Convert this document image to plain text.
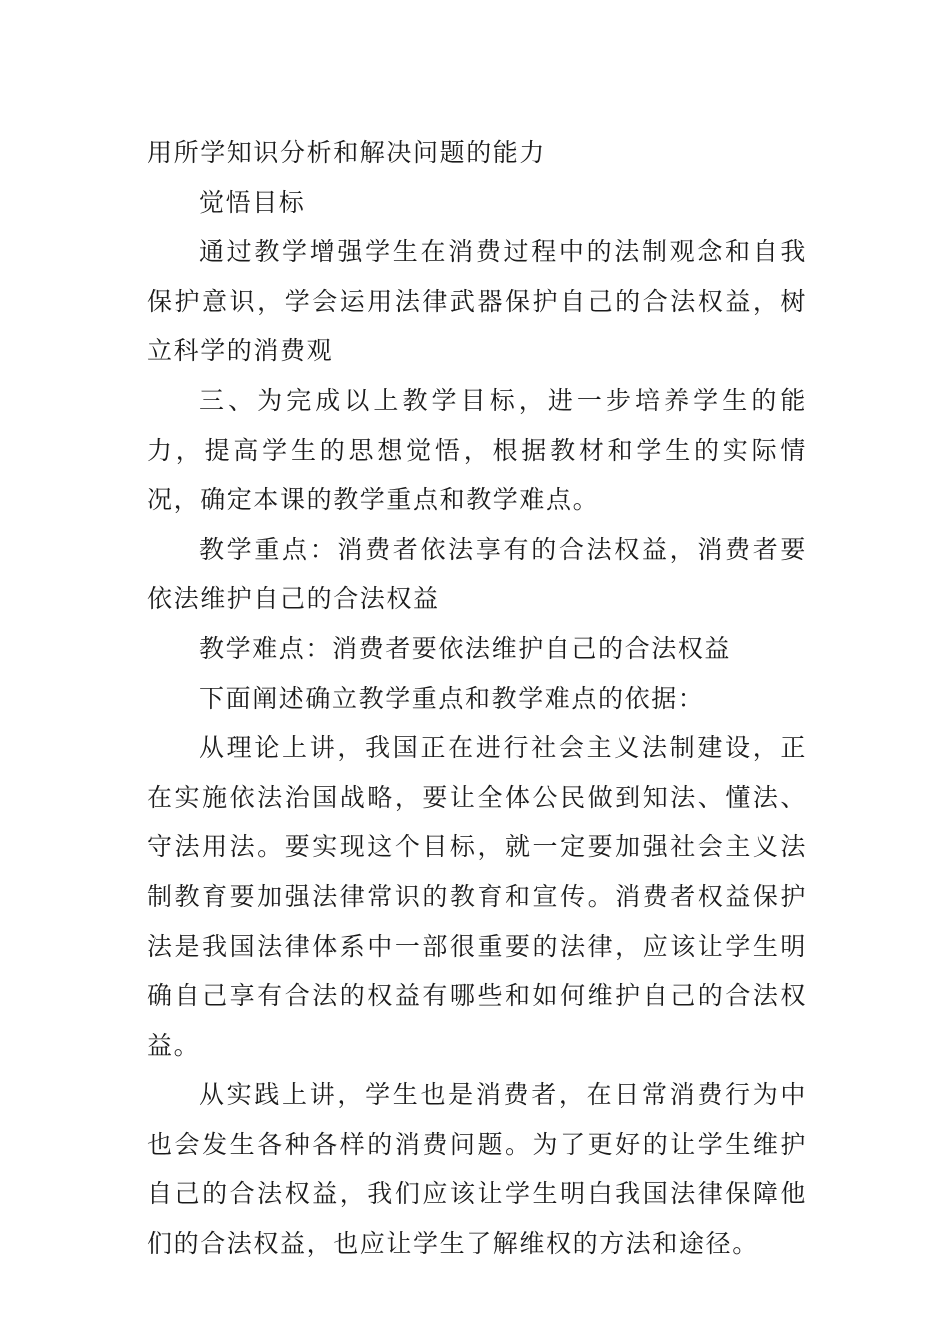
用所学知识分析和解决问题的能力

觉悟目标

通过教学增强学生在消费过程中的法制观念和自我保护意识，学会运用法律武器保护自己的合法权益，树立科学的消费观

三、为完成以上教学目标，进一步培养学生的能力，提高学生的思想觉悟，根据教材和学生的实际情况，确定本课的教学重点和教学难点。

教学重点：消费者依法享有的合法权益，消费者要依法维护自己的合法权益

教学难点：消费者要依法维护自己的合法权益

下面阐述确立教学重点和教学难点的依据：

从理论上讲，我国正在进行社会主义法制建设，正在实施依法治国战略，要让全体公民做到知法、懂法、守法用法。要实现这个目标，就一定要加强社会主义法制教育要加强法律常识的教育和宣传。消费者权益保护法是我国法律体系中一部很重要的法律，应该让学生明确自己享有合法的权益有哪些和如何维护自己的合法权益。

从实践上讲，学生也是消费者，在日常消费行为中也会发生各种各样的消费问题。为了更好的让学生维护自己的合法权益，我们应该让学生明白我国法律保障他们的合法权益，也应让学生了解维权的方法和途径。
